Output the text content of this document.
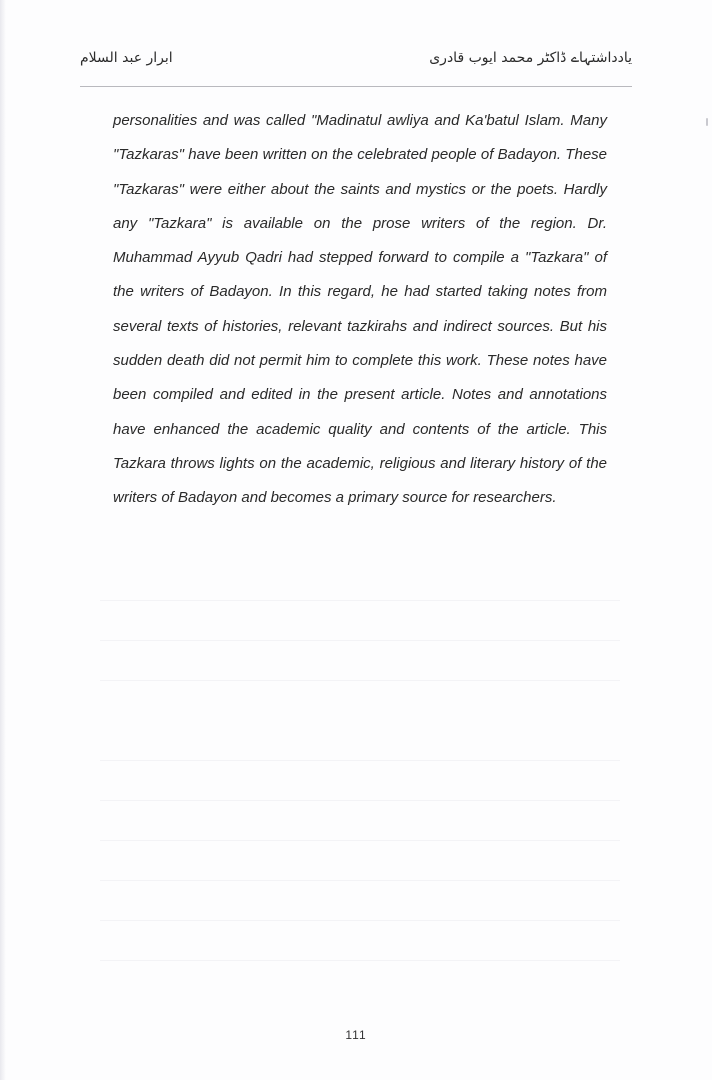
ابرار عبد السلام	یادداشتہاے ڈاکٹر محمد ایوب قادری

personalities and was called "Madinatul awliya and Ka'batul Islam. Many "Tazkaras" have been written on the celebrated people of Badayon. These "Tazkaras" were either about the saints and mystics or the poets. Hardly any "Tazkara" is available on the prose writers of the region. Dr. Muhammad Ayyub Qadri had stepped forward to compile a "Tazkara" of the writers of Badayon. In this regard, he had started taking notes from several texts of histories, relevant tazkirahs and indirect sources. But his sudden death did not permit him to complete this work. These notes have been compiled and edited in the present article. Notes and annotations have enhanced the academic quality and contents of the article. This Tazkara throws lights on the academic, religious and literary history of the writers of Badayon and becomes a primary source for researchers.

111
